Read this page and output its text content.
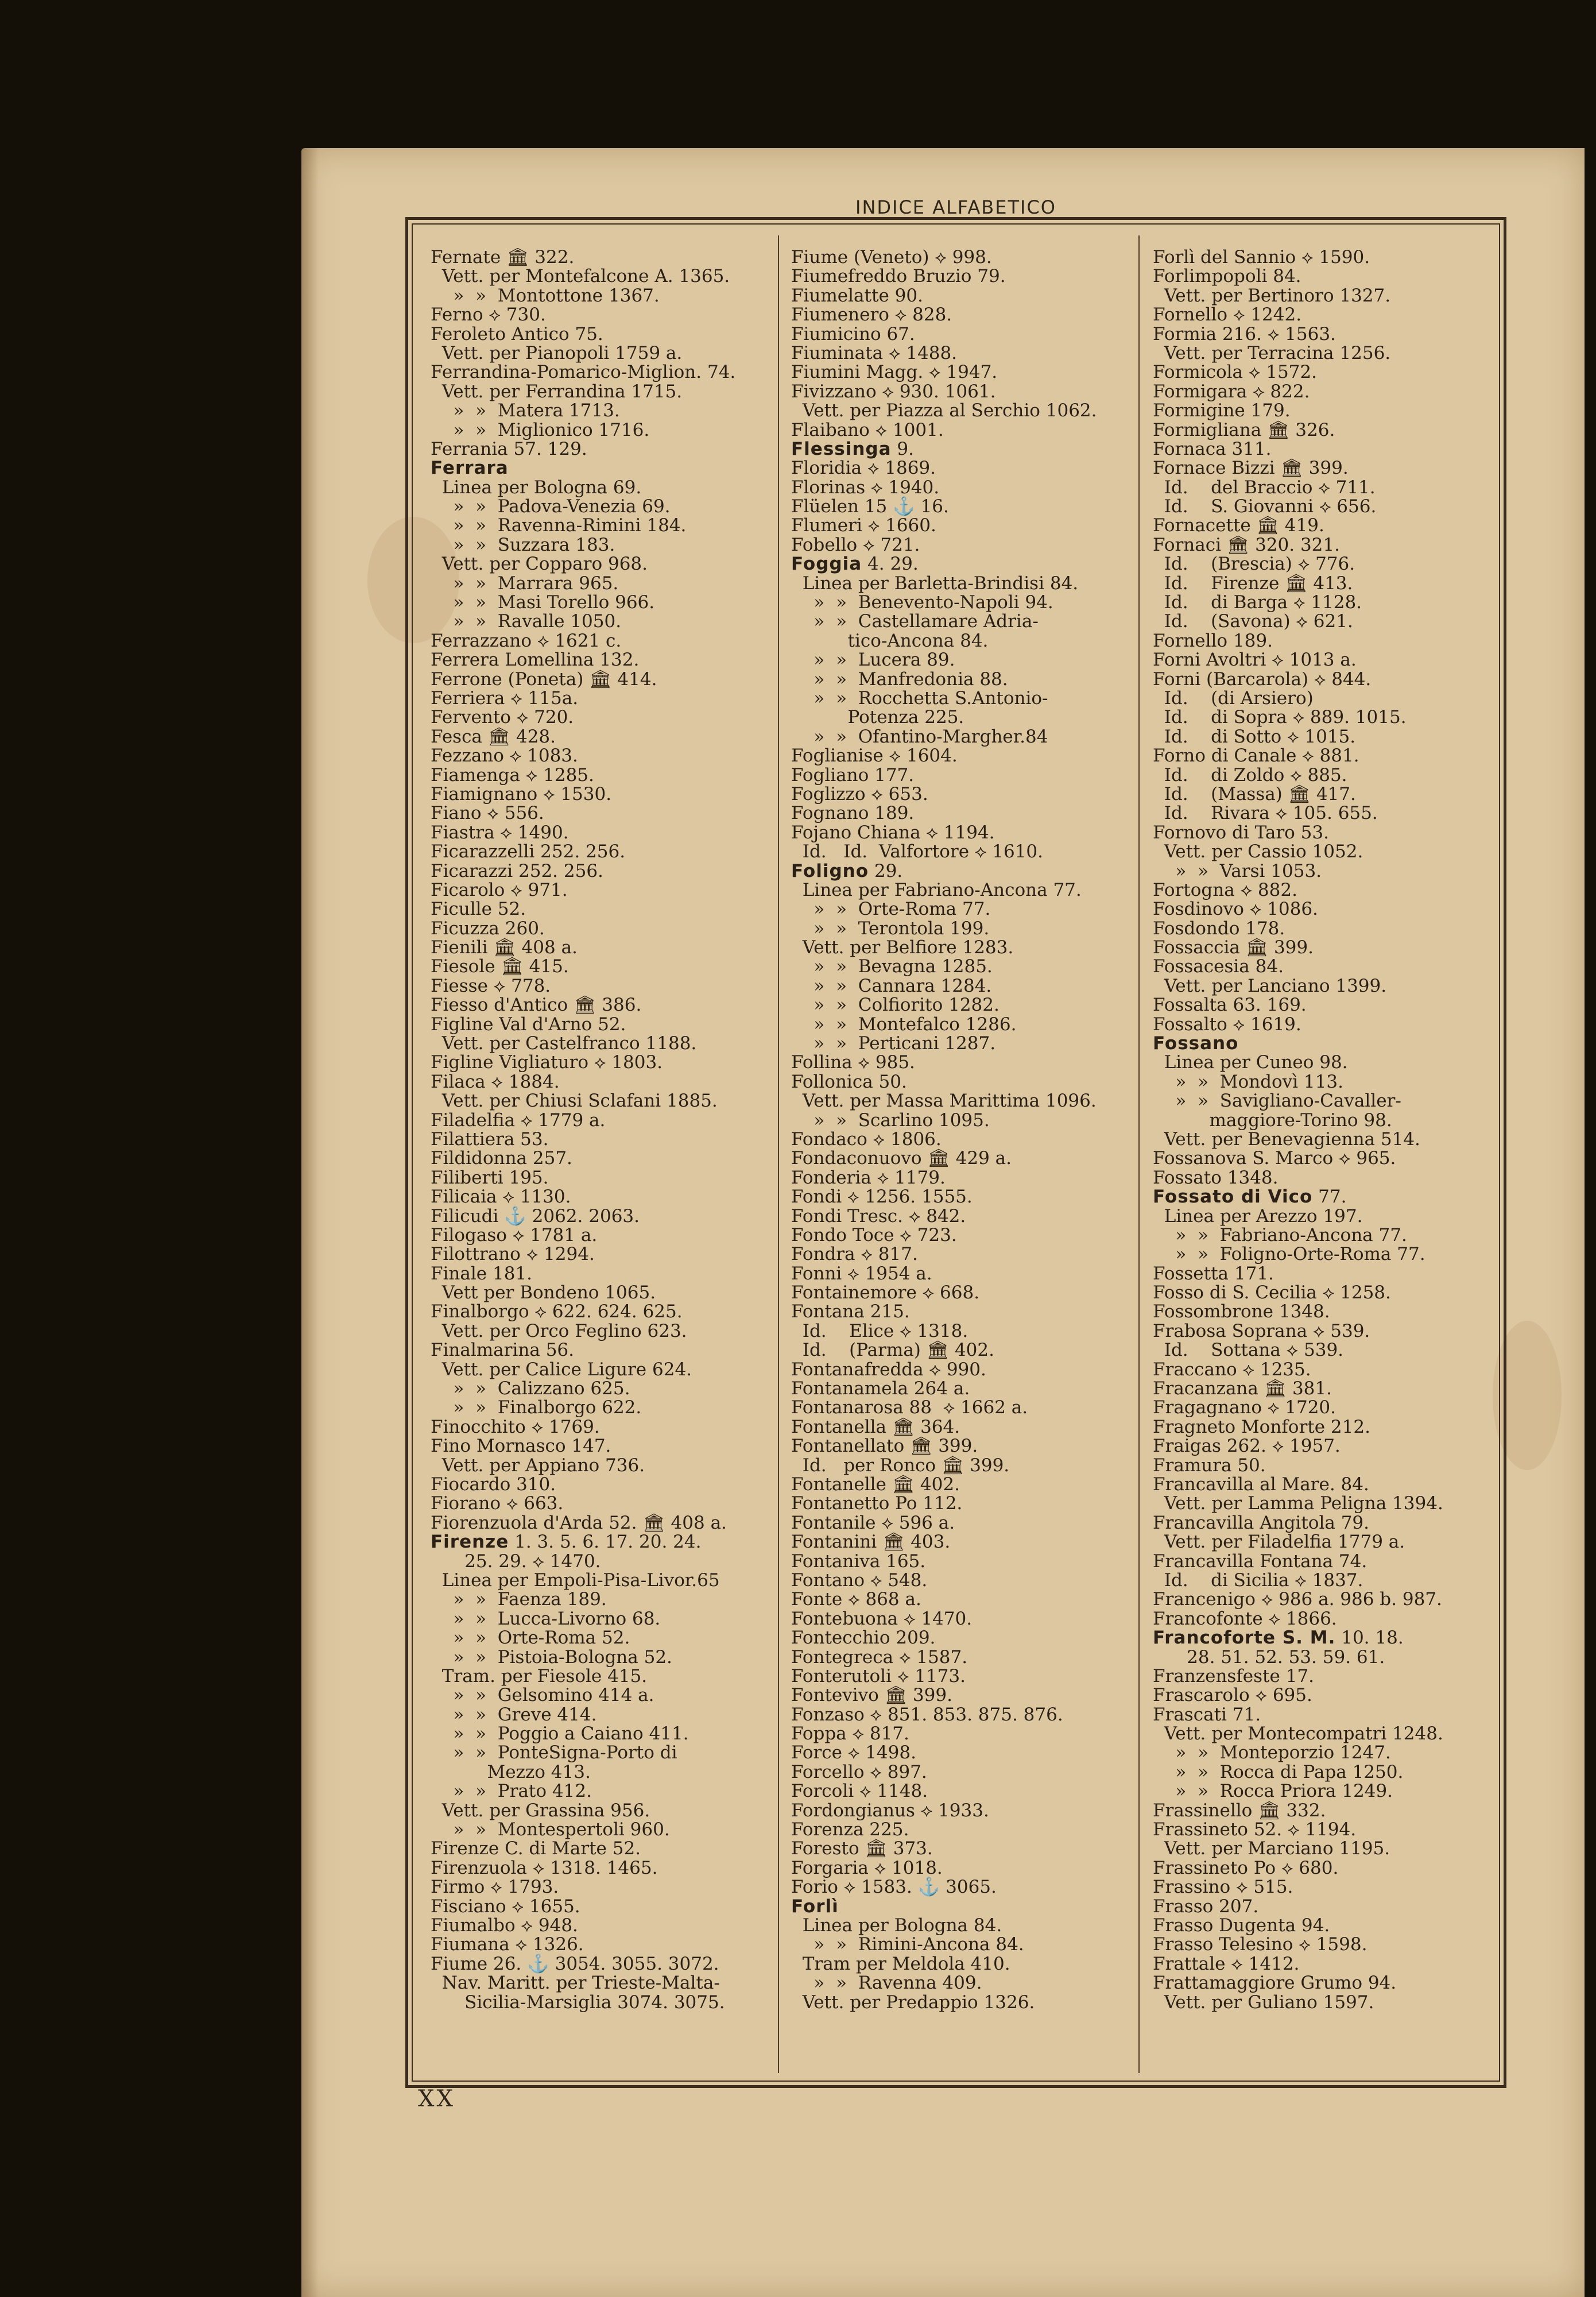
INDICE ALFABETICO
Fernate 🏛 322.
Vett. per Montefalcone A. 1365.
»  »  Montottone 1367.
Ferno ⟡ 730.
Feroleto Antico 75.
Vett. per Pianopoli 1759 a.
Ferrandina-Pomarico-Miglion. 74.
Vett. per Ferrandina 1715.
»  »  Matera 1713.
»  »  Miglionico 1716.
Ferrania 57. 129.
Ferrara
Linea per Bologna 69.
»  »  Padova-Venezia 69.
»  »  Ravenna-Rimini 184.
»  »  Suzzara 183.
Vett. per Copparo 968.
»  »  Marrara 965.
»  »  Masi Torello 966.
»  »  Ravalle 1050.
Ferrazzano ⟡ 1621 c.
Ferrera Lomellina 132.
Ferrone (Poneta) 🏛 414.
Ferriera ⟡ 115a.
Fervento ⟡ 720.
Fesca 🏛 428.
Fezzano ⟡ 1083.
Fiamenga ⟡ 1285.
Fiamignano ⟡ 1530.
Fiano ⟡ 556.
Fiastra ⟡ 1490.
Ficarazzelli 252. 256.
Ficarazzi 252. 256.
Ficarolo ⟡ 971.
Ficulle 52.
Ficuzza 260.
Fienili 🏛 408 a.
Fiesole 🏛 415.
Fiesse ⟡ 778.
Fiesso d'Antico 🏛 386.
Figline Val d'Arno 52.
Vett. per Castelfranco 1188.
Figline Vigliaturo ⟡ 1803.
Filaca ⟡ 1884.
Vett. per Chiusi Sclafani 1885.
Filadelfia ⟡ 1779 a.
Filattiera 53.
Fildidonna 257.
Filiberti 195.
Filicaia ⟡ 1130.
Filicudi ⚓ 2062. 2063.
Filogaso ⟡ 1781 a.
Filottrano ⟡ 1294.
Finale 181.
Vett per Bondeno 1065.
Finalborgo ⟡ 622. 624. 625.
Vett. per Orco Feglino 623.
Finalmarina 56.
Vett. per Calice Ligure 624.
»  »  Calizzano 625.
»  »  Finalborgo 622.
Finocchito ⟡ 1769.
Fino Mornasco 147.
Vett. per Appiano 736.
Fiocardo 310.
Fiorano ⟡ 663.
Fiorenzuola d'Arda 52. 🏛 408 a.
Firenze 1. 3. 5. 6. 17. 20. 24.
25. 29. ⟡ 1470.
Linea per Empoli-Pisa-Livor.65
»  »  Faenza 189.
»  »  Lucca-Livorno 68.
»  »  Orte-Roma 52.
»  »  Pistoia-Bologna 52.
Tram. per Fiesole 415.
»  »  Gelsomino 414 a.
»  »  Greve 414.
»  »  Poggio a Caiano 411.
»  »  PonteSigna-Porto di
Mezzo 413.
»  »  Prato 412.
Vett. per Grassina 956.
»  »  Montespertoli 960.
Firenze C. di Marte 52.
Firenzuola ⟡ 1318. 1465.
Firmo ⟡ 1793.
Fisciano ⟡ 1655.
Fiumalbo ⟡ 948.
Fiumana ⟡ 1326.
Fiume 26. ⚓ 3054. 3055. 3072.
Nav. Maritt. per Trieste-Malta-
Sicilia-Marsiglia 3074. 3075.
Fiume (Veneto) ⟡ 998.
Fiumefreddo Bruzio 79.
Fiumelatte 90.
Fiumenero ⟡ 828.
Fiumicino 67.
Fiuminata ⟡ 1488.
Fiumini Magg. ⟡ 1947.
Fivizzano ⟡ 930. 1061.
Vett. per Piazza al Serchio 1062.
Flaibano ⟡ 1001.
Flessinga 9.
Floridia ⟡ 1869.
Florinas ⟡ 1940.
Flüelen 15 ⚓ 16.
Flumeri ⟡ 1660.
Fobello ⟡ 721.
Foggia 4. 29.
Linea per Barletta-Brindisi 84.
»  »  Benevento-Napoli 94.
»  »  Castellamare Adria-
tico-Ancona 84.
»  »  Lucera 89.
»  »  Manfredonia 88.
»  »  Rocchetta S.Antonio-
Potenza 225.
»  »  Ofantino-Margher.84
Foglianise ⟡ 1604.
Fogliano 177.
Foglizzo ⟡ 653.
Fognano 189.
Fojano Chiana ⟡ 1194.
Id.   Id.  Valfortore ⟡ 1610.
Foligno 29.
Linea per Fabriano-Ancona 77.
»  »  Orte-Roma 77.
»  »  Terontola 199.
Vett. per Belfiore 1283.
»  »  Bevagna 1285.
»  »  Cannara 1284.
»  »  Colfiorito 1282.
»  »  Montefalco 1286.
»  »  Perticani 1287.
Follina ⟡ 985.
Follonica 50.
Vett. per Massa Marittima 1096.
»  »  Scarlino 1095.
Fondaco ⟡ 1806.
Fondaconuovo 🏛 429 a.
Fonderia ⟡ 1179.
Fondi ⟡ 1256. 1555.
Fondi Tresc. ⟡ 842.
Fondo Toce ⟡ 723.
Fondra ⟡ 817.
Fonni ⟡ 1954 a.
Fontainemore ⟡ 668.
Fontana 215.
Id.    Elice ⟡ 1318.
Id.    (Parma) 🏛 402.
Fontanafredda ⟡ 990.
Fontanamela 264 a.
Fontanarosa 88  ⟡ 1662 a.
Fontanella 🏛 364.
Fontanellato 🏛 399.
Id.   per Ronco 🏛 399.
Fontanelle 🏛 402.
Fontanetto Po 112.
Fontanile ⟡ 596 a.
Fontanini 🏛 403.
Fontaniva 165.
Fontano ⟡ 548.
Fonte ⟡ 868 a.
Fontebuona ⟡ 1470.
Fontecchio 209.
Fontegreca ⟡ 1587.
Fonterutoli ⟡ 1173.
Fontevivo 🏛 399.
Fonzaso ⟡ 851. 853. 875. 876.
Foppa ⟡ 817.
Force ⟡ 1498.
Forcello ⟡ 897.
Forcoli ⟡ 1148.
Fordongianus ⟡ 1933.
Forenza 225.
Foresto 🏛 373.
Forgaria ⟡ 1018.
Forio ⟡ 1583. ⚓ 3065.
Forlì
Linea per Bologna 84.
»  »  Rimini-Ancona 84.
Tram per Meldola 410.
»  »  Ravenna 409.
Vett. per Predappio 1326.
Forlì del Sannio ⟡ 1590.
Forlimpopoli 84.
Vett. per Bertinoro 1327.
Fornello ⟡ 1242.
Formia 216. ⟡ 1563.
Vett. per Terracina 1256.
Formicola ⟡ 1572.
Formigara ⟡ 822.
Formigine 179.
Formigliana 🏛 326.
Fornaca 311.
Fornace Bizzi 🏛 399.
Id.    del Braccio ⟡ 711.
Id.    S. Giovanni ⟡ 656.
Fornacette 🏛 419.
Fornaci 🏛 320. 321.
Id.    (Brescia) ⟡ 776.
Id.    Firenze 🏛 413.
Id.    di Barga ⟡ 1128.
Id.    (Savona) ⟡ 621.
Fornello 189.
Forni Avoltri ⟡ 1013 a.
Forni (Barcarola) ⟡ 844.
Id.    (di Arsiero)
Id.    di Sopra ⟡ 889. 1015.
Id.    di Sotto ⟡ 1015.
Forno di Canale ⟡ 881.
Id.    di Zoldo ⟡ 885.
Id.    (Massa) 🏛 417.
Id.    Rivara ⟡ 105. 655.
Fornovo di Taro 53.
Vett. per Cassio 1052.
»  »  Varsi 1053.
Fortogna ⟡ 882.
Fosdinovo ⟡ 1086.
Fosdondo 178.
Fossaccia 🏛 399.
Fossacesia 84.
Vett. per Lanciano 1399.
Fossalta 63. 169.
Fossalto ⟡ 1619.
Fossano
Linea per Cuneo 98.
»  »  Mondovì 113.
»  »  Savigliano-Cavaller-
maggiore-Torino 98.
Vett. per Benevagienna 514.
Fossanova S. Marco ⟡ 965.
Fossato 1348.
Fossato di Vico 77.
Linea per Arezzo 197.
»  »  Fabriano-Ancona 77.
»  »  Foligno-Orte-Roma 77.
Fossetta 171.
Fosso di S. Cecilia ⟡ 1258.
Fossombrone 1348.
Frabosa Soprana ⟡ 539.
Id.    Sottana ⟡ 539.
Fraccano ⟡ 1235.
Fracanzana 🏛 381.
Fragagnano ⟡ 1720.
Fragneto Monforte 212.
Fraigas 262. ⟡ 1957.
Framura 50.
Francavilla al Mare. 84.
Vett. per Lamma Peligna 1394.
Francavilla Angitola 79.
Vett. per Filadelfia 1779 a.
Francavilla Fontana 74.
Id.    di Sicilia ⟡ 1837.
Francenigo ⟡ 986 a. 986 b. 987.
Francofonte ⟡ 1866.
Francoforte S. M. 10. 18.
28. 51. 52. 53. 59. 61.
Franzensfeste 17.
Frascarolo ⟡ 695.
Frascati 71.
Vett. per Montecompatri 1248.
»  »  Monteporzio 1247.
»  »  Rocca di Papa 1250.
»  »  Rocca Priora 1249.
Frassinello 🏛 332.
Frassineto 52. ⟡ 1194.
Vett. per Marciano 1195.
Frassineto Po ⟡ 680.
Frassino ⟡ 515.
Frasso 207.
Frasso Dugenta 94.
Frasso Telesino ⟡ 1598.
Frattale ⟡ 1412.
Frattamaggiore Grumo 94.
Vett. per Guliano 1597.
XX
